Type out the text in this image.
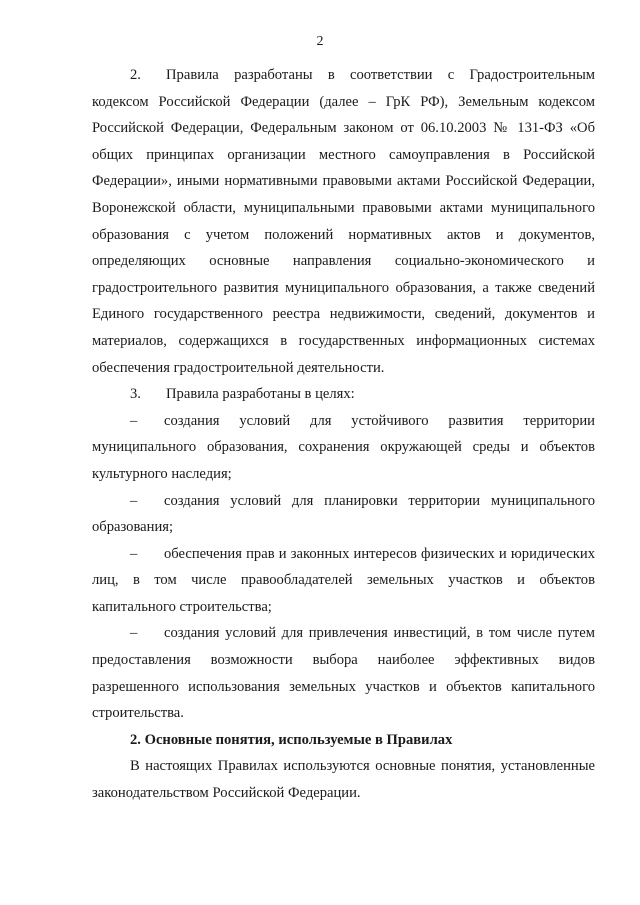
2

2. Правила разработаны в соответствии с Градостроительным кодексом Российской Федерации (далее – ГрК РФ), Земельным кодексом Российской Федерации, Федеральным законом от 06.10.2003 № 131-ФЗ «Об общих принципах организации местного самоуправления в Российской Федерации», иными нормативными правовыми актами Российской Федерации, Воронежской области, муниципальными правовыми актами муниципального образования с учетом положений нормативных актов и документов, определяющих основные направления социально-экономического и градостроительного развития муниципального образования, а также сведений Единого государственного реестра недвижимости, сведений, документов и материалов, содержащихся в государственных информационных системах обеспечения градостроительной деятельности.

3. Правила разработаны в целях:

– создания условий для устойчивого развития территории муниципального образования, сохранения окружающей среды и объектов культурного наследия;

– создания условий для планировки территории муниципального образования;

– обеспечения прав и законных интересов физических и юридических лиц, в том числе правообладателей земельных участков и объектов капитального строительства;

– создания условий для привлечения инвестиций, в том числе путем предоставления возможности выбора наиболее эффективных видов разрешенного использования земельных участков и объектов капитального строительства.

2. Основные понятия, используемые в Правилах

В настоящих Правилах используются основные понятия, установленные законодательством Российской Федерации.
